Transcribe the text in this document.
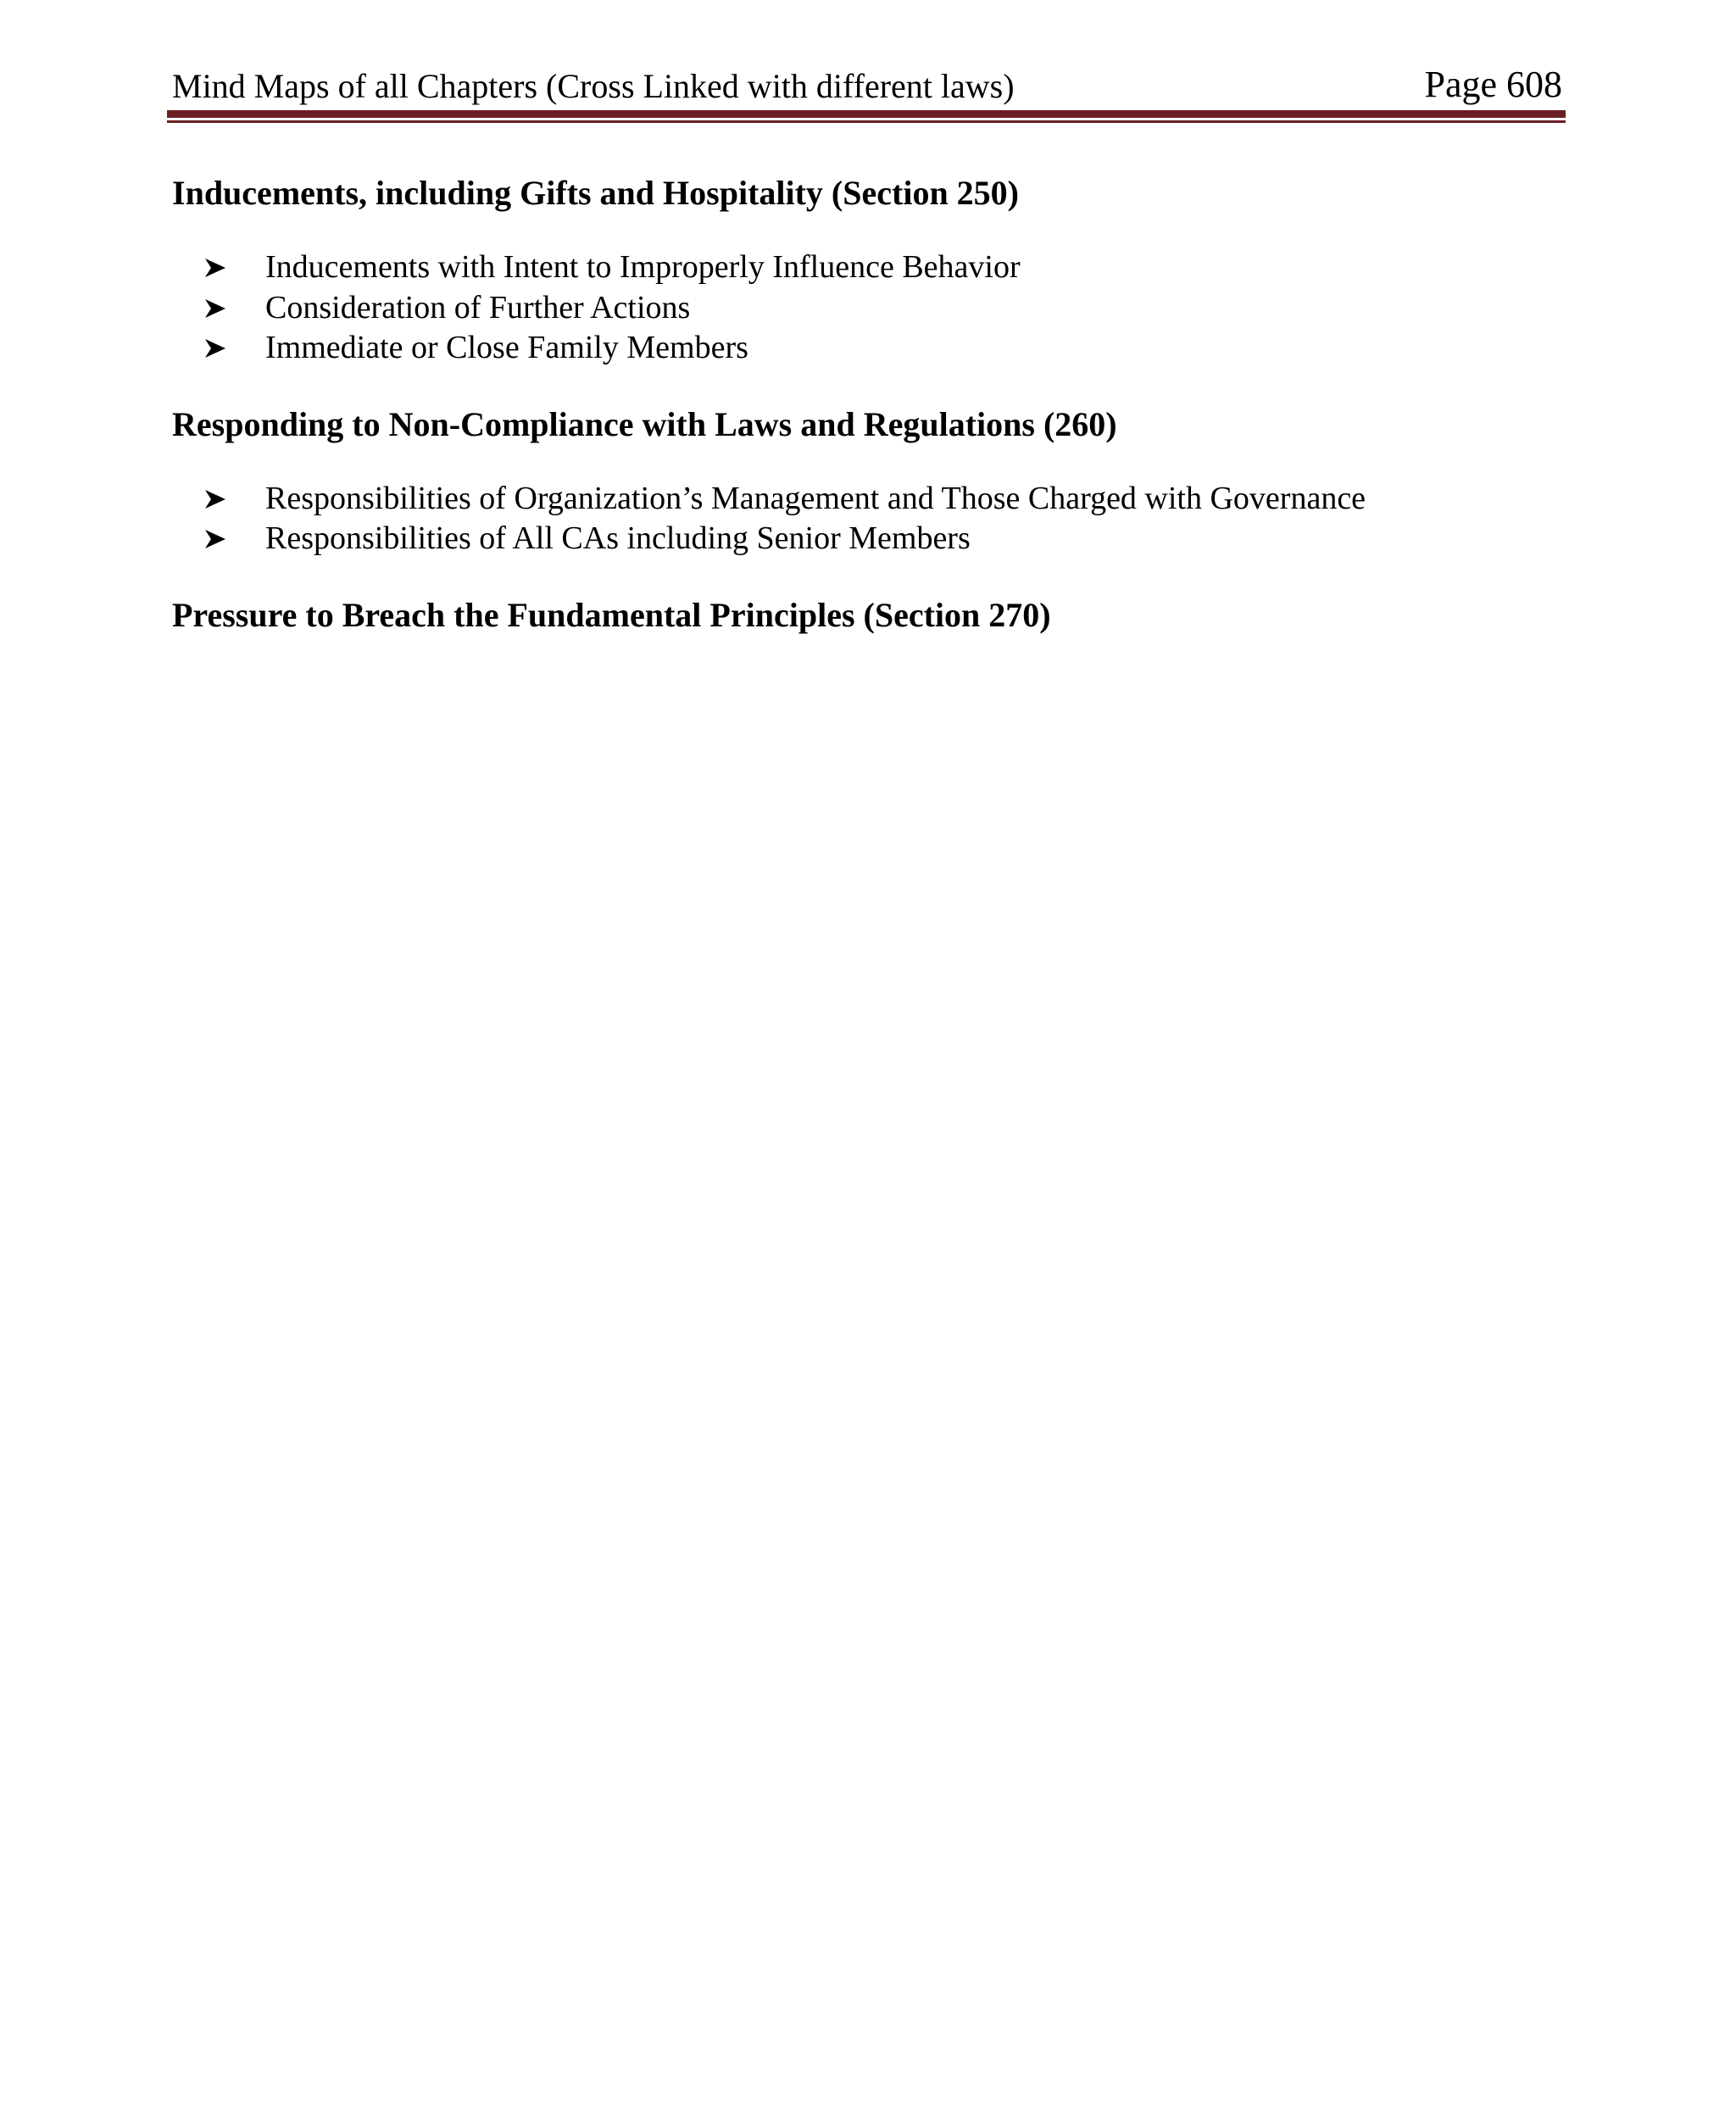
Mind Maps of all Chapters (Cross Linked with different laws)	Page 608
Inducements, including Gifts and Hospitality (Section 250)
Inducements with Intent to Improperly Influence Behavior
Consideration of Further Actions
Immediate or Close Family Members
Responding to Non-Compliance with Laws and Regulations (260)
Responsibilities of Organization’s Management and Those Charged with Governance
Responsibilities of All CAs including Senior Members
Pressure to Breach the Fundamental Principles (Section 270)
